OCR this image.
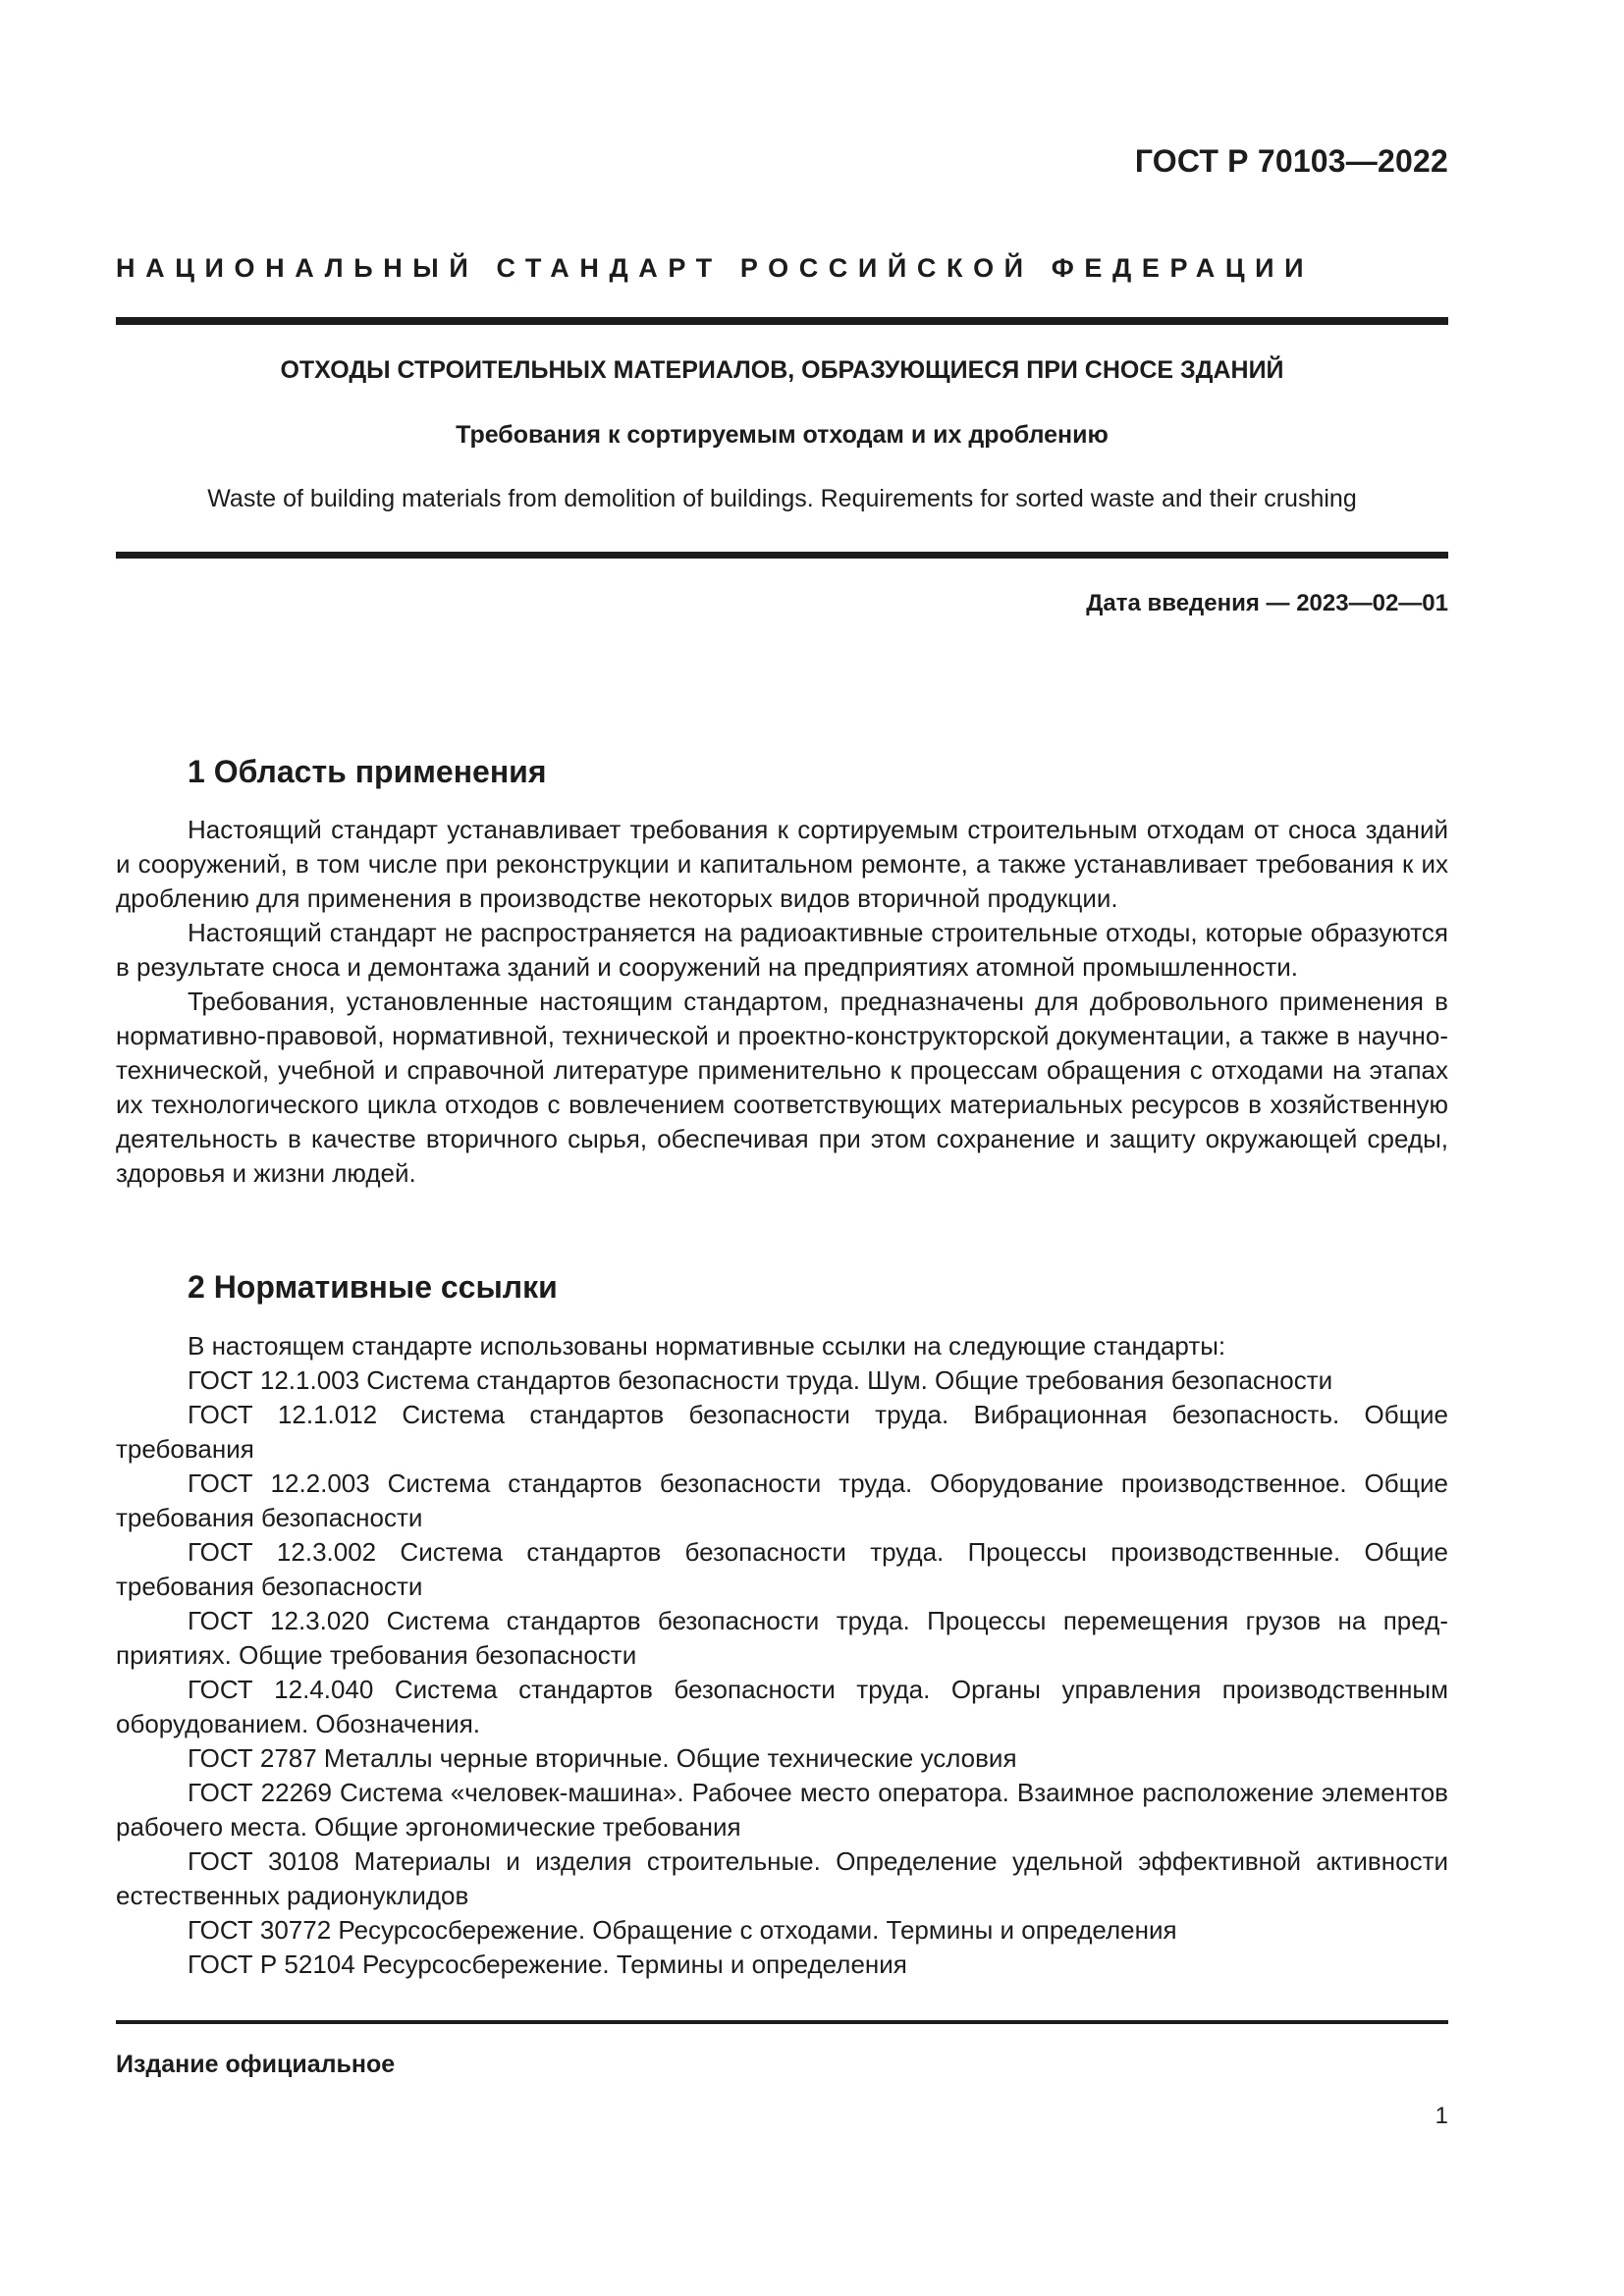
ГОСТ Р 70103—2022
НАЦИОНАЛЬНЫЙ СТАНДАРТ РОССИЙСКОЙ ФЕДЕРАЦИИ
ОТХОДЫ СТРОИТЕЛЬНЫХ МАТЕРИАЛОВ, ОБРАЗУЮЩИЕСЯ ПРИ СНОСЕ ЗДАНИЙ
Требования к сортируемым отходам и их дроблению
Waste of building materials from demolition of buildings. Requirements for sorted waste and their crushing
Дата введения — 2023—02—01
1 Область применения

Настоящий стандарт устанавливает требования к сортируемым строительным отходам от сноса зданий и сооружений, в том числе при реконструкции и капитальном ремонте, а также устанавливает требования к их дроблению для применения в производстве некоторых видов вторичной продукции.

Настоящий стандарт не распространяется на радиоактивные строительные отходы, которые образуются в результате сноса и демонтажа зданий и сооружений на предприятиях атомной промышленности.

Требования, установленные настоящим стандартом, предназначены для добровольного применения в нормативно-правовой, нормативной, технической и проектно-конструкторской документации, а также в научно-технической, учебной и справочной литературе применительно к процессам обращения с отходами на этапах их технологического цикла отходов с вовлечением соответствующих материальных ресурсов в хозяйственную деятельность в качестве вторичного сырья, обеспечивая при этом сохранение и защиту окружающей среды, здоровья и жизни людей.

2 Нормативные ссылки

В настоящем стандарте использованы нормативные ссылки на следующие стандарты:

ГОСТ 12.1.003 Система стандартов безопасности труда. Шум. Общие требования безопасности

ГОСТ 12.1.012 Система стандартов безопасности труда. Вибрационная безопасность. Общие требования

ГОСТ 12.2.003 Система стандартов безопасности труда. Оборудование производственное. Общие требования безопасности

ГОСТ 12.3.002 Система стандартов безопасности труда. Процессы производственные. Общие требования безопасности

ГОСТ 12.3.020 Система стандартов безопасности труда. Процессы перемещения грузов на предприятиях. Общие требования безопасности

ГОСТ 12.4.040 Система стандартов безопасности труда. Органы управления производственным оборудованием. Обозначения.

ГОСТ 2787 Металлы черные вторичные. Общие технические условия

ГОСТ 22269 Система «человек-машина». Рабочее место оператора. Взаимное расположение элементов рабочего места. Общие эргономические требования

ГОСТ 30108 Материалы и изделия строительные. Определение удельной эффективной активности естественных радионуклидов

ГОСТ 30772 Ресурсосбережение. Обращение с отходами. Термины и определения

ГОСТ Р 52104 Ресурсосбережение. Термины и определения

Издание официальное
1
